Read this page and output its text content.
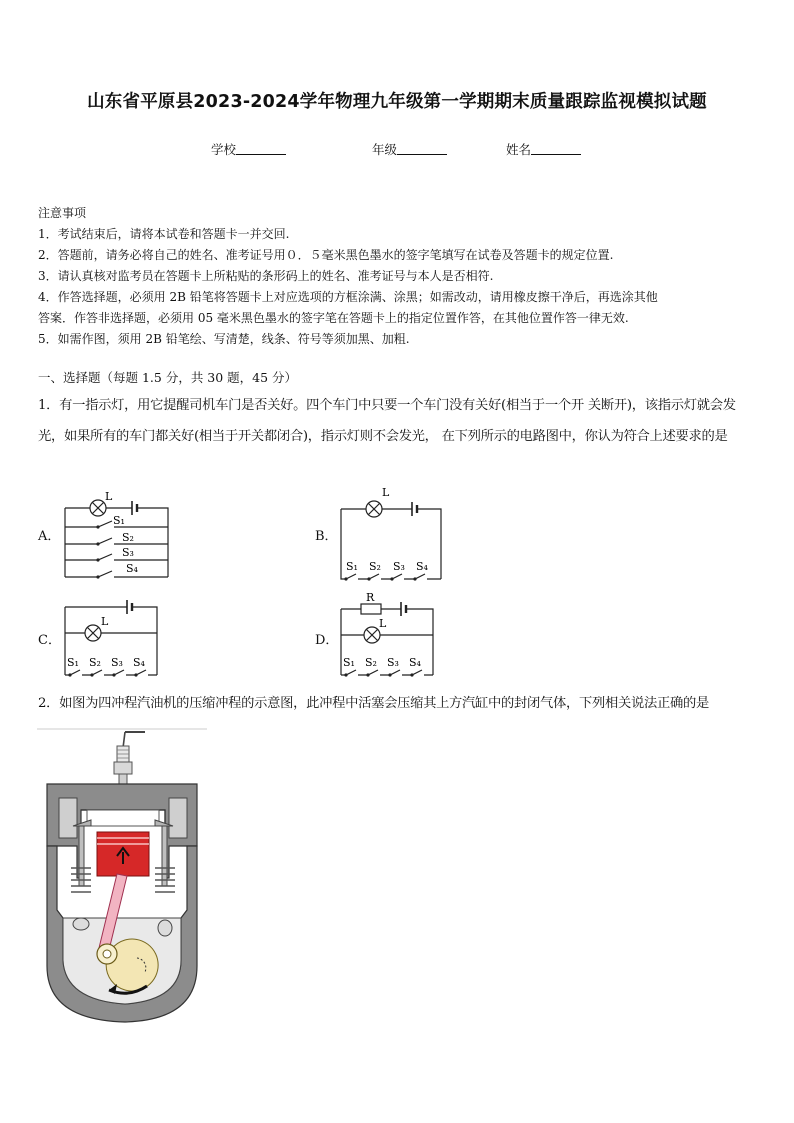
山东省平原县2023-2024学年物理九年级第一学期期末质量跟踪监视模拟试题
学校	年级	姓名
注意事项
1．考试结束后，请将本试卷和答题卡一并交回.
2．答题前，请务必将自己的姓名、准考证号用０．５毫米黑色墨水的签字笔填写在试卷及答题卡的规定位置.
3．请认真核对监考员在答题卡上所粘贴的条形码上的姓名、准考证号与本人是否相符.
4．作答选择题，必须用 2B 铅笔将答题卡上对应选项的方框涂满、涂黑；如需改动，请用橡皮擦干净后，再选涂其他
答案．作答非选择题，必须用 05 毫米黑色墨水的签字笔在答题卡上的指定位置作答，在其他位置作答一律无效.
5．如需作图，须用 2B 铅笔绘、写清楚，线条、符号等须加黑、加粗.
一、选择题（每题 1.5 分，共 30 题，45 分）
1．有一指示灯，用它提醒司机车门是否关好。四个车门中只要一个车门没有关好(相当于一个开 关断开)，该指示灯就会发光，如果所有的车门都关好(相当于开关都闭合)，指示灯则不会发光， 在下列所示的电路图中，你认为符合上述要求的是
A．	B．
C．	D．
L
S₁
S₂
S₃
S₄
L
S₁ S₂ S₃ S₄
L
S₁ S₂ S₃ S₄
R
L
S₁ S₂ S₃ S₄
2．如图为四冲程汽油机的压缩冲程的示意图，此冲程中活塞会压缩其上方汽缸中的封闭气体，下列相关说法正确的是
